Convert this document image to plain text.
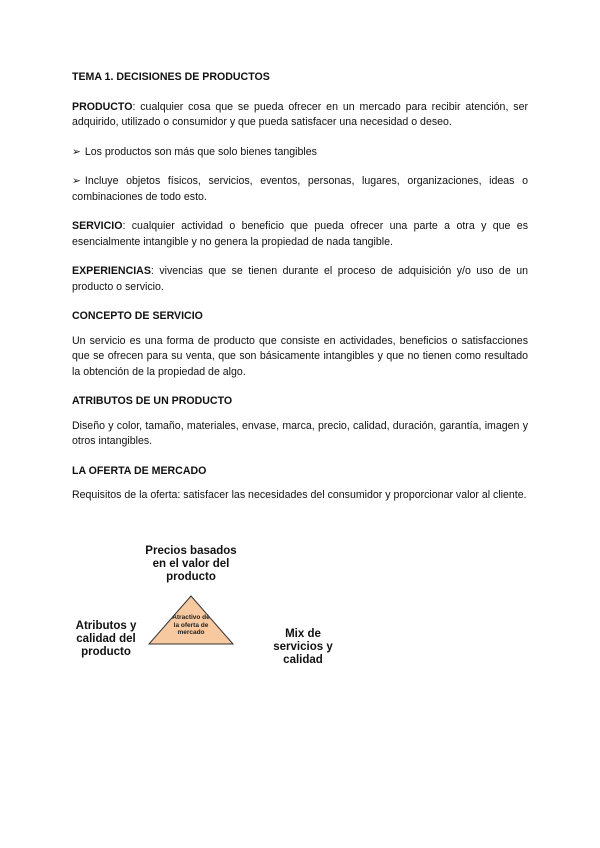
TEMA 1. DECISIONES DE PRODUCTOS

PRODUCTO: cualquier cosa que se pueda ofrecer en un mercado para recibir atención, ser adquirido, utilizado o consumidor y que pueda satisfacer una necesidad o deseo.

➢ Los productos son más que solo bienes tangibles

➢ Incluye objetos físicos, servicios, eventos, personas, lugares, organizaciones, ideas o combinaciones de todo esto.

SERVICIO: cualquier actividad o beneficio que pueda ofrecer una parte a otra y que es esencialmente intangible y no genera la propiedad de nada tangible.

EXPERIENCIAS: vivencias que se tienen durante el proceso de adquisición y/o uso de un producto o servicio.

CONCEPTO DE SERVICIO

Un servicio es una forma de producto que consiste en actividades, beneficios o satisfacciones que se ofrecen para su venta, que son básicamente intangibles y que no tienen como resultado la obtención de la propiedad de algo.

ATRIBUTOS DE UN PRODUCTO

Diseño y color, tamaño, materiales, envase, marca, precio, calidad, duración, garantía, imagen y otros intangibles.

LA OFERTA DE MERCADO

Requisitos de la oferta: satisfacer las necesidades del consumidor y proporcionar valor al cliente.

Precios basados
en el valor del
producto
Atributos y
calidad del
producto
Mix de
servicios y
calidad
Atractivo de
la oferta de
mercado
